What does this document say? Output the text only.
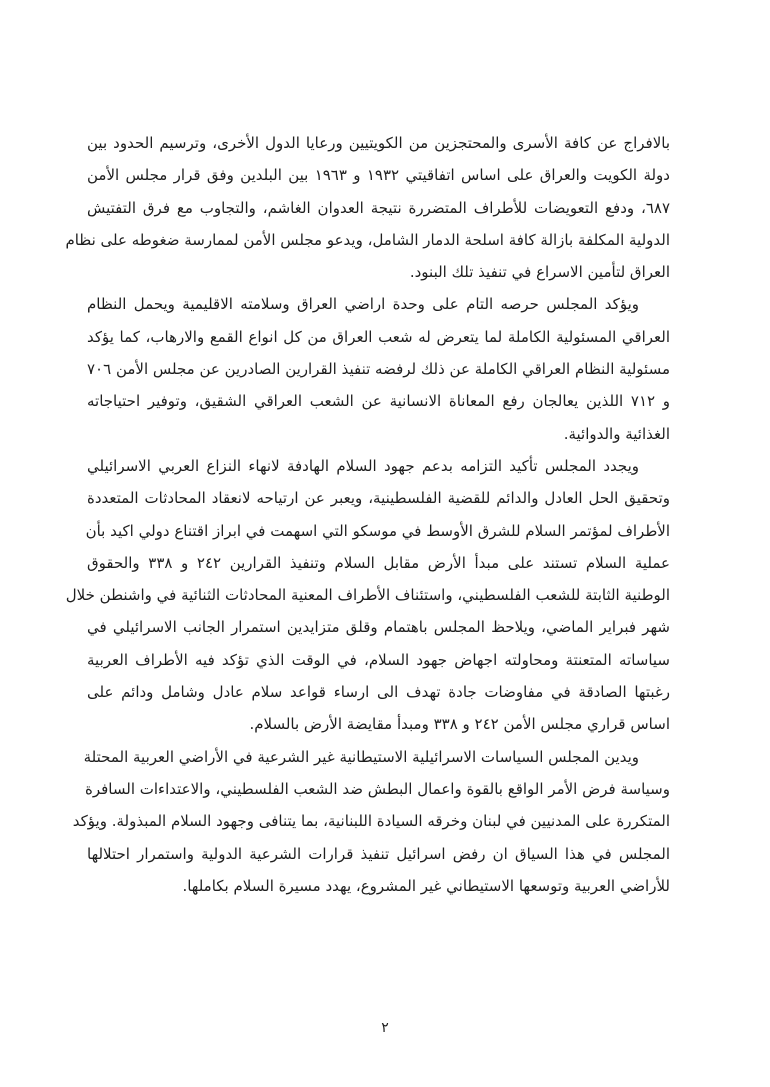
بالافراج عن كافة الأسرى والمحتجزين من الكويتيين ورعايا الدول الأخرى، وترسيم الحدود بين
دولة الكويت والعراق على اساس اتفاقيتي ١٩٣٢ و ١٩٦٣ بين البلدين وفق قرار مجلس الأمن
٦٨٧، ودفع التعويضات للأطراف المتضررة نتيجة العدوان الغاشم، والتجاوب مع فرق التفتيش
الدولية المكلفة بازالة كافة اسلحة الدمار الشامل، ويدعو مجلس الأمن لممارسة ضغوطه على نظام
العراق لتأمين الاسراع في تنفيذ تلك البنود.
ويؤكد المجلس حرصه التام على وحدة اراضي العراق وسلامته الاقليمية ويحمل النظام
العراقي المسئولية الكاملة لما يتعرض له شعب العراق من كل انواع القمع والارهاب، كما يؤكد
مسئولية النظام العراقي الكاملة عن ذلك لرفضه تنفيذ القرارين الصادرين عن مجلس الأمن ٧٠٦
و ٧١٢ اللذين يعالجان رفع المعاناة الانسانية عن الشعب العراقي الشقيق، وتوفير احتياجاته
الغذائية والدوائية.
ويجدد المجلس تأكيد التزامه بدعم جهود السلام الهادفة لانهاء النزاع العربي الاسرائيلي
وتحقيق الحل العادل والدائم للقضية الفلسطينية، ويعبر عن ارتياحه لانعقاد المحادثات المتعددة
الأطراف لمؤتمر السلام للشرق الأوسط في موسكو التي اسهمت في ابراز اقتناع دولي اكيد بأن
عملية السلام تستند على مبدأ الأرض مقابل السلام وتنفيذ القرارين ٢٤٢ و ٣٣٨ والحقوق
الوطنية الثابتة للشعب الفلسطيني، واستئناف الأطراف المعنية المحادثات الثنائية في واشنطن خلال
شهر فبراير الماضي، ويلاحظ المجلس باهتمام وقلق متزايدين استمرار الجانب الاسرائيلي في
سياساته المتعنتة ومحاولته اجهاض جهود السلام، في الوقت الذي تؤكد فيه الأطراف العربية
رغبتها الصادقة في مفاوضات جادة تهدف الى ارساء قواعد سلام عادل وشامل ودائم على
اساس قراري مجلس الأمن ٢٤٢ و ٣٣٨ ومبدأ مقايضة الأرض بالسلام.
ويدين المجلس السياسات الاسرائيلية الاستيطانية غير الشرعية في الأراضي العربية المحتلة
وسياسة فرض الأمر الواقع بالقوة واعمال البطش ضد الشعب الفلسطيني، والاعتداءات السافرة
المتكررة على المدنيين في لبنان وخرقه السيادة اللبنانية، بما يتنافى وجهود السلام المبذولة. ويؤكد
المجلس في هذا السياق ان رفض اسرائيل تنفيذ قرارات الشرعية الدولية واستمرار احتلالها
للأراضي العربية وتوسعها الاستيطاني غير المشروع، يهدد مسيرة السلام بكاملها.
٢
